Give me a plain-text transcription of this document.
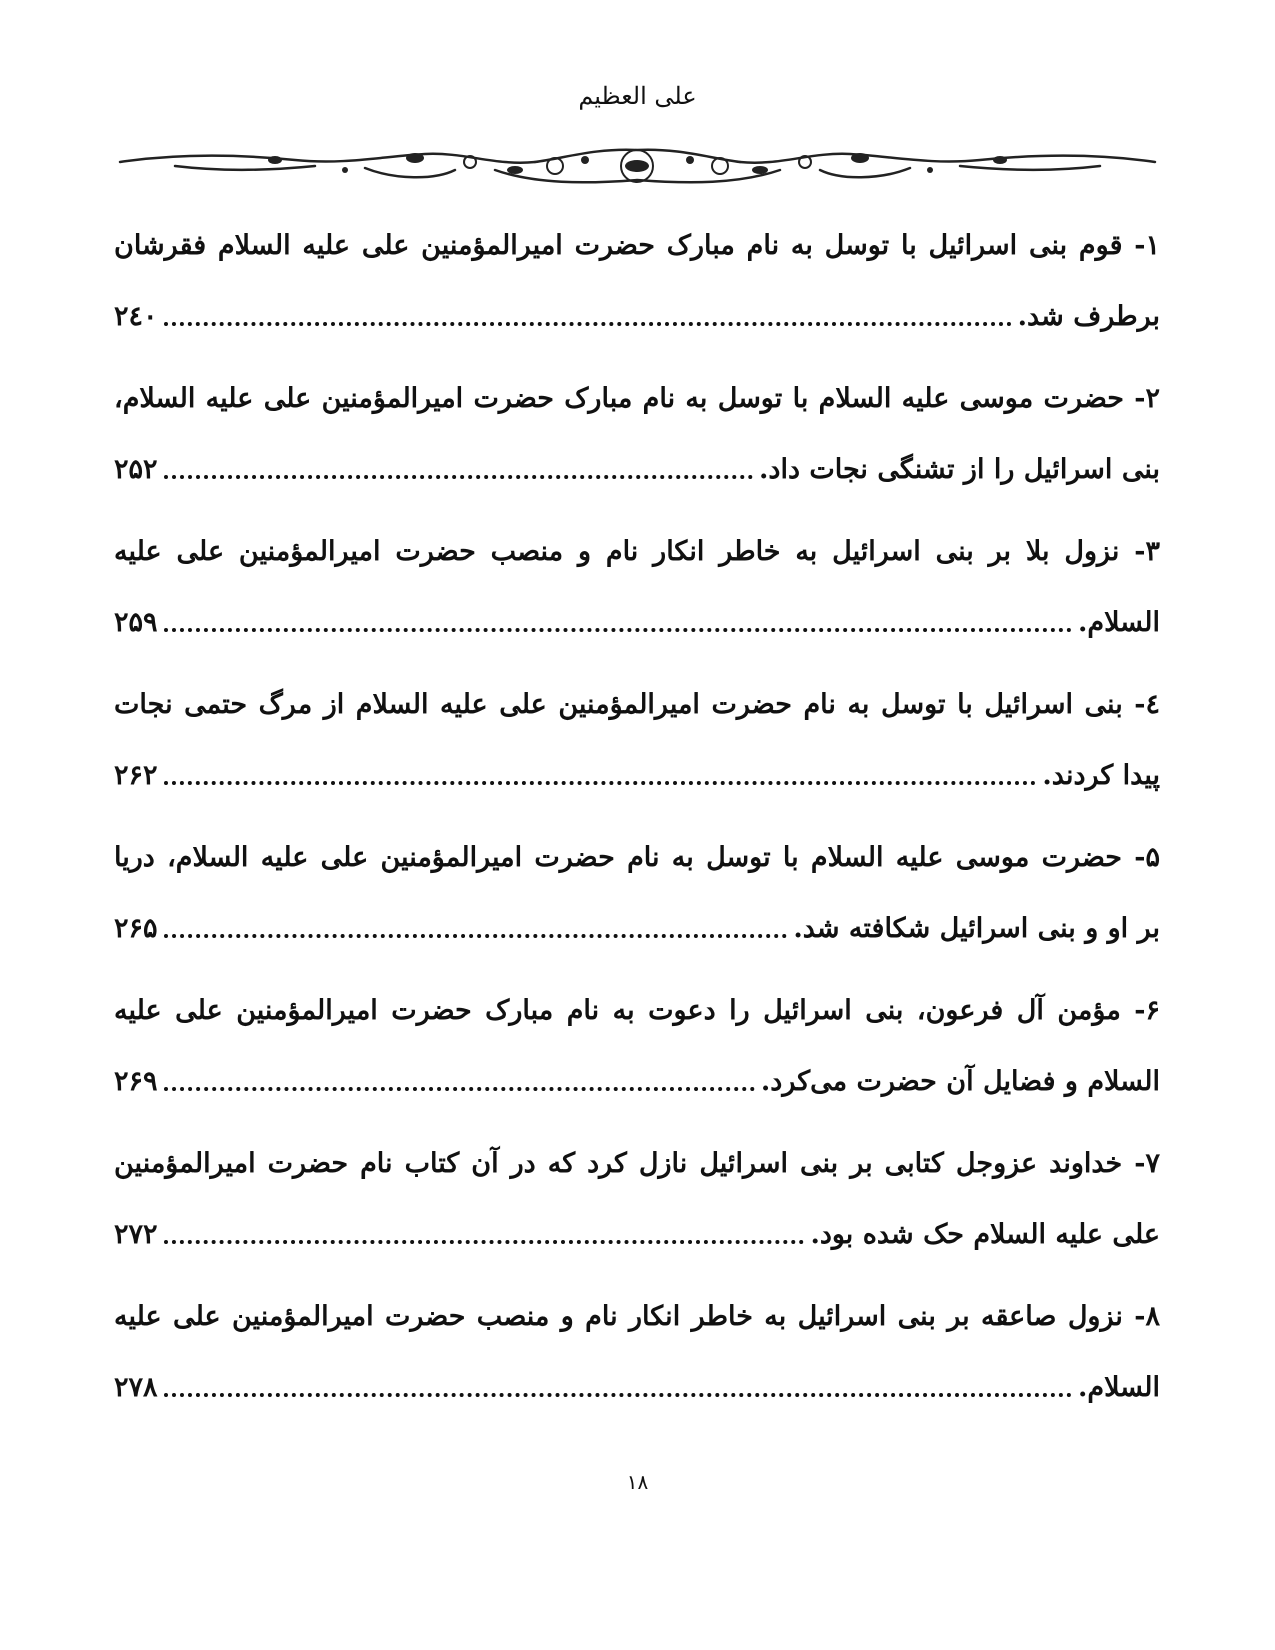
علی العظیم
۱- قوم بنی اسرائیل با توسل به نام مبارک حضرت امیرالمؤمنین علی علیه السلام فقرشان
برطرف شد.
۲٤۰
۲- حضرت موسی علیه السلام با توسل به نام مبارک حضرت امیرالمؤمنین علی علیه السلام،
بنی اسرائیل را از تشنگی نجات داد.
۲۵۲
۳- نزول بلا بر بنی اسرائیل به خاطر انکار نام و منصب حضرت امیرالمؤمنین علی علیه
السلام.
۲۵۹
٤- بنی اسرائیل با توسل به نام حضرت امیرالمؤمنین علی علیه السلام از مرگ حتمی نجات
پیدا کردند.
۲۶۲
۵- حضرت موسی علیه السلام با توسل به نام حضرت امیرالمؤمنین علی علیه السلام، دریا
بر او و بنی اسرائیل شکافته شد.
۲۶۵
۶- مؤمن آل فرعون، بنی اسرائیل را دعوت به نام مبارک حضرت امیرالمؤمنین علی علیه
السلام و فضایل آن حضرت می‌کرد.
۲۶۹
۷- خداوند عزوجل کتابی بر بنی اسرائیل نازل کرد که در آن کتاب نام حضرت امیرالمؤمنین
علی علیه السلام حک شده بود.
۲۷۲
۸- نزول صاعقه بر بنی اسرائیل به خاطر انکار نام و منصب حضرت امیرالمؤمنین علی علیه
السلام.
۲۷۸
۱۸
